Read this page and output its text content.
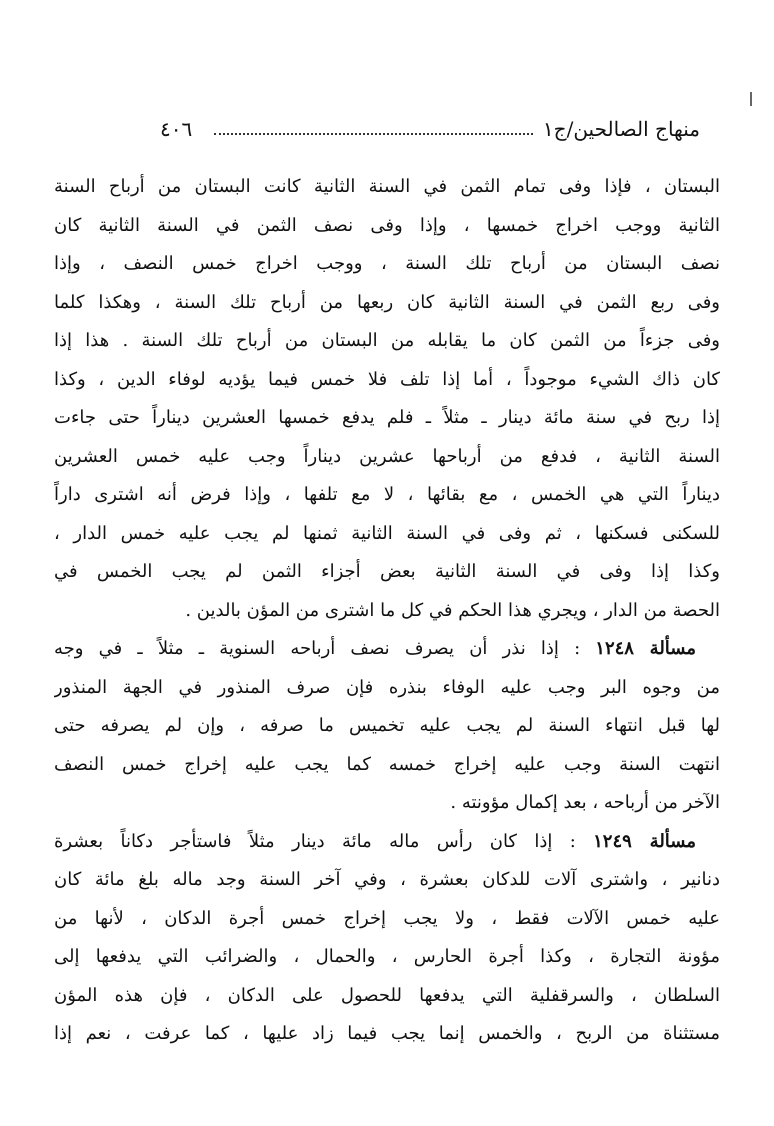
٤٠٦	منهاج الصالحين/ج١
البستان ، فإذا وفى تمام الثمن في السنة الثانية كانت البستان من أرباح السنة
الثانية ووجب اخراج خمسها ، وإذا وفى نصف الثمن في السنة الثانية كان
نصف البستان من أرباح تلك السنة ، ووجب اخراج خمس النصف ، وإذا
وفى ربع الثمن في السنة الثانية كان ربعها من أرباح تلك السنة ، وهكذا كلما
وفى جزءاً من الثمن كان ما يقابله من البستان من أرباح تلك السنة . هذا إذا
كان ذاك الشيء موجوداً ، أما إذا تلف فلا خمس فيما يؤديه لوفاء الدين ، وكذا
إذا ربح في سنة مائة دينار ـ مثلاً ـ فلم يدفع خمسها العشرين ديناراً حتى جاءت
السنة الثانية ، فدفع من أرباحها عشرين ديناراً وجب عليه خمس العشرين
ديناراً التي هي الخمس ، مع بقائها ، لا مع تلفها ، وإذا فرض أنه اشترى داراً
للسكنى فسكنها ، ثم وفى في السنة الثانية ثمنها لم يجب عليه خمس الدار ،
وكذا إذا وفى في السنة الثانية بعض أجزاء الثمن لم يجب الخمس في
الحصة من الدار ، ويجري هذا الحكم في كل ما اشترى من المؤن بالدين .
مسألة ١٢٤٨ : إذا نذر أن يصرف نصف أرباحه السنوية ـ مثلاً ـ في وجه
من وجوه البر وجب عليه الوفاء بنذره فإن صرف المنذور في الجهة المنذور
لها قبل انتهاء السنة لم يجب عليه تخميس ما صرفه ، وإن لم يصرفه حتى
انتهت السنة وجب عليه إخراج خمسه كما يجب عليه إخراج خمس النصف
الآخر من أرباحه ، بعد إكمال مؤونته .
مسألة ١٢٤٩ : إذا كان رأس ماله مائة دينار مثلاً فاستأجر دكاناً بعشرة
دنانير ، واشترى آلات للدكان بعشرة ، وفي آخر السنة وجد ماله بلغ مائة كان
عليه خمس الآلات فقط ، ولا يجب إخراج خمس أجرة الدكان ، لأنها من
مؤونة التجارة ، وكذا أجرة الحارس ، والحمال ، والضرائب التي يدفعها إلى
السلطان ، والسرقفلية التي يدفعها للحصول على الدكان ، فإن هذه المؤن
مستثناة من الربح ، والخمس إنما يجب فيما زاد عليها ، كما عرفت ، نعم إذا
